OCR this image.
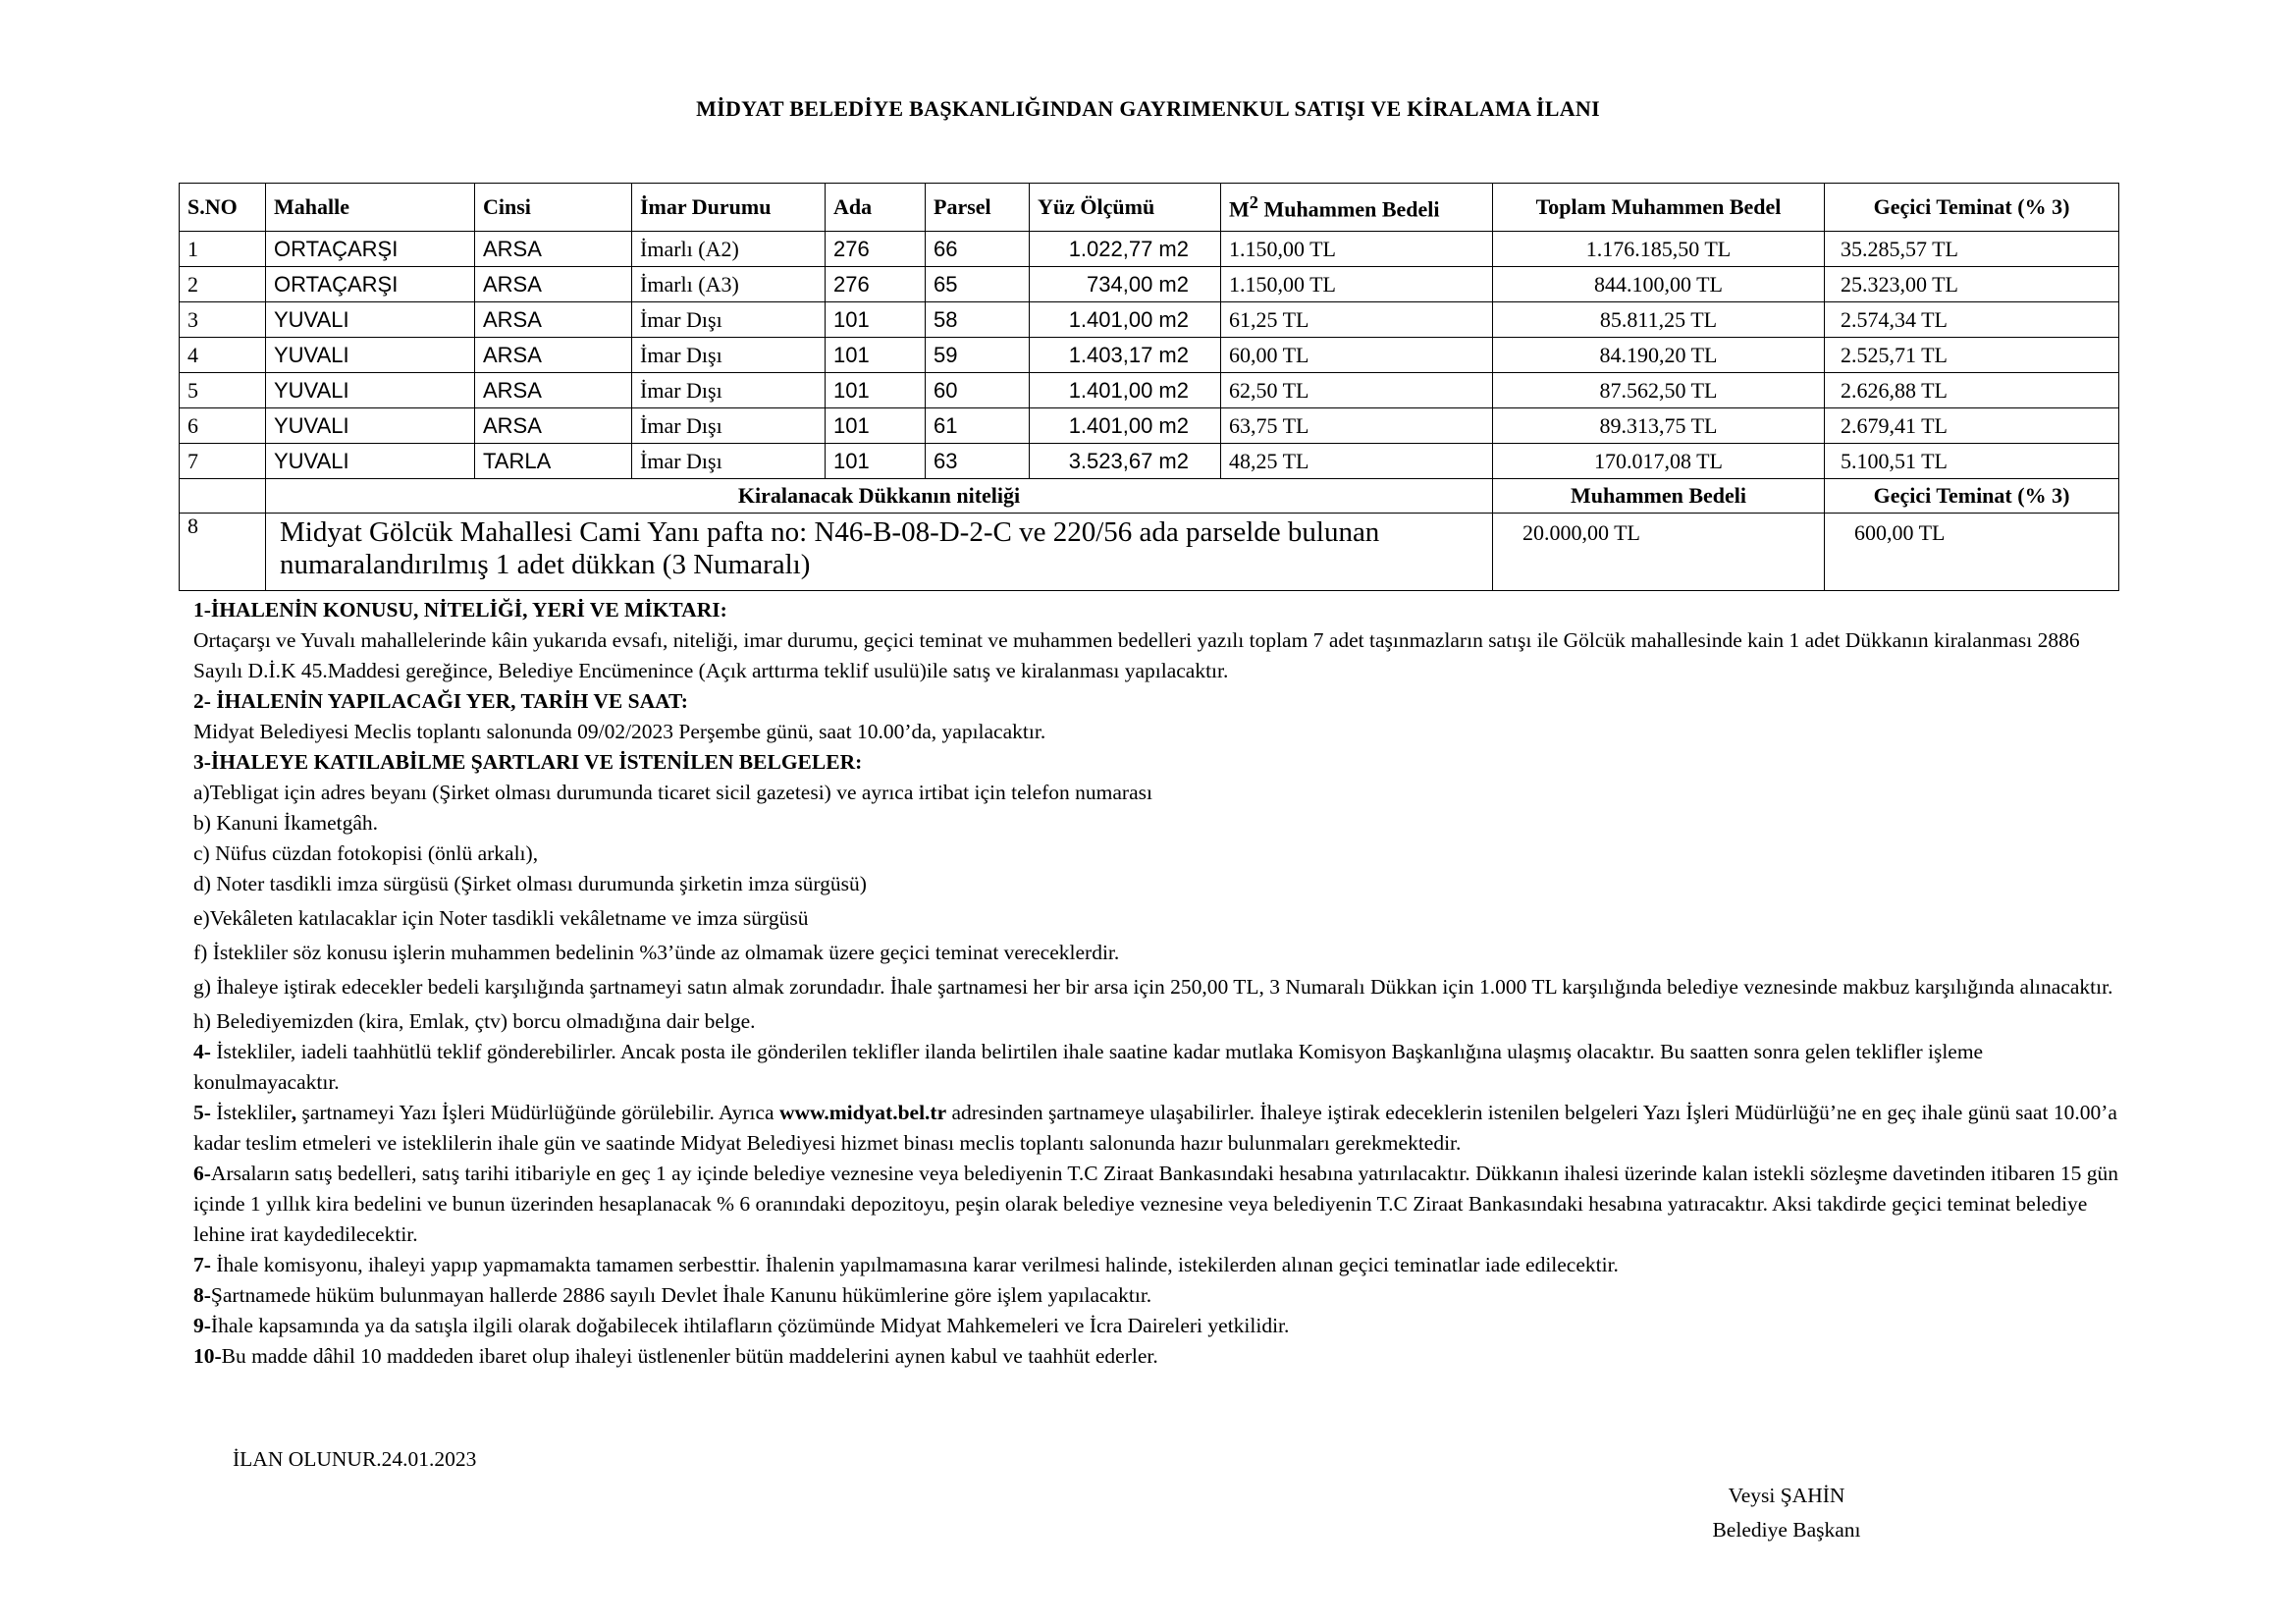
MİDYAT BELEDİYE BAŞKANLIĞINDAN GAYRIMENKUL SATIŞI VE KİRALAMA İLANI
S.NO	Mahalle	Cinsi	İmar Durumu	Ada	Parsel	Yüz Ölçümü	$M^2$ Muhammen Bedeli	Toplam Muhammen Bedel	Geçici Teminat (% 3)
1	ORTAÇARŞI	ARSA	İmarlı (A2)	276	66	1.022,77 m2	1.150,00 TL	1.176.185,50 TL	35.285,57 TL
2	ORTAÇARŞI	ARSA	İmarlı (A3)	276	65	734,00 m2	1.150,00 TL	844.100,00 TL	25.323,00 TL
3	YUVALI	ARSA	İmar Dışı	101	58	1.401,00 m2	61,25 TL	85.811,25 TL	2.574,34 TL
4	YUVALI	ARSA	İmar Dışı	101	59	1.403,17 m2	60,00 TL	84.190,20 TL	2.525,71 TL
5	YUVALI	ARSA	İmar Dışı	101	60	1.401,00 m2	62,50 TL	87.562,50 TL	2.626,88 TL
6	YUVALI	ARSA	İmar Dışı	101	61	1.401,00 m2	63,75 TL	89.313,75 TL	2.679,41 TL
7	YUVALI	TARLA	İmar Dışı	101	63	3.523,67 m2	48,25 TL	170.017,08 TL	5.100,51 TL
	Kiralanacak Dükkanın niteliği							Muhammen Bedeli	Geçici Teminat (% 3)
8	Midyat Gölcük Mahallesi Cami Yanı pafta no: N46-B-08-D-2-C ve 220/56 ada parselde bulunan numaralandırılmış 1 adet dükkan (3 Numaralı)							20.000,00 TL	600,00 TL

1-İHALENİN KONUSU, NİTELİĞİ, YERİ VE MİKTARI:

Ortaçarşı ve Yuvalı mahallelerinde kâin yukarıda evsafı, niteliği, imar durumu, geçici teminat ve muhammen bedelleri yazılı toplam 7 adet taşınmazların satışı ile Gölcük mahallesinde kain 1 adet Dükkanın kiralanması 2886 Sayılı D.İ.K 45.Maddesi gereğince, Belediye Encümenince (Açık arttırma teklif usulü)ile satış ve kiralanması yapılacaktır.

2- İHALENİN YAPILACAĞI YER, TARİH VE SAAT:

Midyat Belediyesi Meclis toplantı salonunda 09/02/2023 Perşembe günü, saat 10.00’da, yapılacaktır.

3-İHALEYE KATILABİLME ŞARTLARI VE İSTENİLEN BELGELER:

a)Tebligat için adres beyanı (Şirket olması durumunda ticaret sicil gazetesi) ve ayrıca irtibat için telefon numarası

b) Kanuni İkametgâh.

c) Nüfus cüzdan fotokopisi (önlü arkalı),

d) Noter tasdikli imza sürgüsü (Şirket olması durumunda şirketin imza sürgüsü)

e)Vekâleten katılacaklar için Noter tasdikli vekâletname ve imza sürgüsü

f) İstekliler söz konusu işlerin muhammen bedelinin %3’ünde az olmamak üzere geçici teminat vereceklerdir.

g) İhaleye iştirak edecekler bedeli karşılığında şartnameyi satın almak zorundadır. İhale şartnamesi her bir arsa için 250,00 TL, 3 Numaralı Dükkan için 1.000 TL karşılığında belediye veznesinde makbuz karşılığında alınacaktır.

h) Belediyemizden (kira, Emlak, çtv) borcu olmadığına dair belge.

4- İstekliler, iadeli taahhütlü teklif gönderebilirler. Ancak posta ile gönderilen teklifler ilanda belirtilen ihale saatine kadar mutlaka Komisyon Başkanlığına ulaşmış olacaktır. Bu saatten sonra gelen teklifler işleme konulmayacaktır.

5- İstekliler, şartnameyi Yazı İşleri Müdürlüğünde görülebilir. Ayrıca www.midyat.bel.tr adresinden şartnameye ulaşabilirler. İhaleye iştirak edeceklerin istenilen belgeleri Yazı İşleri Müdürlüğü’ne en geç ihale günü saat 10.00’a kadar teslim etmeleri ve isteklilerin ihale gün ve saatinde Midyat Belediyesi hizmet binası meclis toplantı salonunda hazır bulunmaları gerekmektedir.

6-Arsaların satış bedelleri, satış tarihi itibariyle en geç 1 ay içinde belediye veznesine veya belediyenin T.C Ziraat Bankasındaki hesabına yatırılacaktır. Dükkanın ihalesi üzerinde kalan istekli sözleşme davetinden itibaren 15 gün içinde 1 yıllık kira bedelini ve bunun üzerinden hesaplanacak % 6 oranındaki depozitoyu, peşin olarak belediye veznesine veya belediyenin T.C Ziraat Bankasındaki hesabına yatıracaktır. Aksi takdirde geçici teminat belediye lehine irat kaydedilecektir.

7- İhale komisyonu, ihaleyi yapıp yapmamakta tamamen serbesttir. İhalenin yapılmamasına karar verilmesi halinde, istekilerden alınan geçici teminatlar iade edilecektir.

8-Şartnamede hüküm bulunmayan hallerde 2886 sayılı Devlet İhale Kanunu hükümlerine göre işlem yapılacaktır.

9-İhale kapsamında ya da satışla ilgili olarak doğabilecek ihtilafların çözümünde Midyat Mahkemeleri ve İcra Daireleri yetkilidir.

10-Bu madde dâhil 10 maddeden ibaret olup ihaleyi üstlenenler bütün maddelerini aynen kabul ve taahhüt ederler.

İLAN OLUNUR.24.01.2023
Veysi ŞAHİN
Belediye Başkanı
